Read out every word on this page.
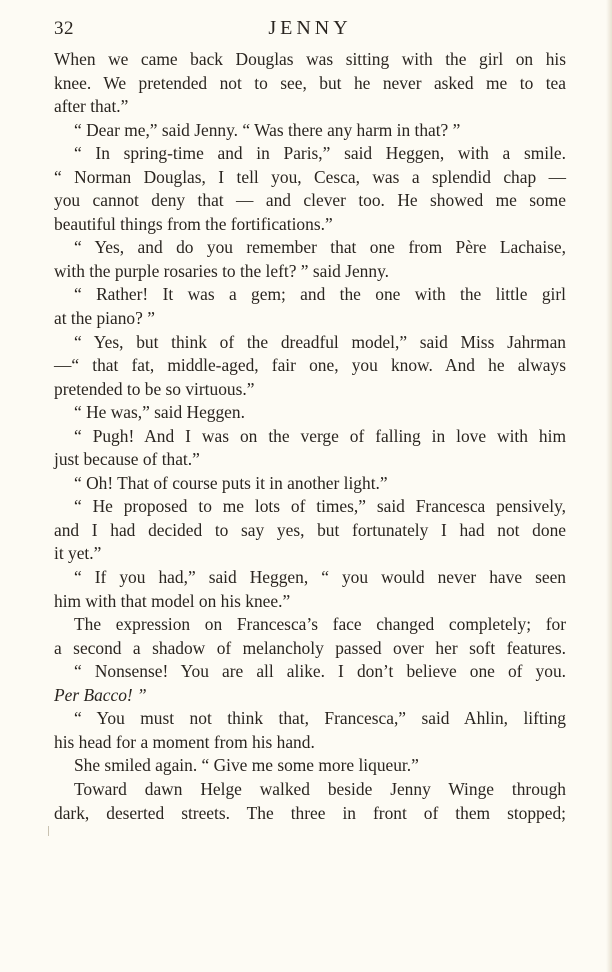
32	JENNY
When we came back Douglas was sitting with the girl on his
knee. We pretended not to see, but he never asked me to tea
after that.”
“ Dear me,” said Jenny. “ Was there any harm in that? ”
“ In spring-time and in Paris,” said Heggen, with a smile.
“ Norman Douglas, I tell you, Cesca, was a splendid chap —
you cannot deny that — and clever too. He showed me some
beautiful things from the fortifications.”
“ Yes, and do you remember that one from Père Lachaise,
with the purple rosaries to the left? ” said Jenny.
“ Rather! It was a gem; and the one with the little girl
at the piano? ”
“ Yes, but think of the dreadful model,” said Miss Jahrman
—“ that fat, middle-aged, fair one, you know. And he always
pretended to be so virtuous.”
“ He was,” said Heggen.
“ Pugh! And I was on the verge of falling in love with him
just because of that.”
“ Oh! That of course puts it in another light.”
“ He proposed to me lots of times,” said Francesca pensively,
and I had decided to say yes, but fortunately I had not done
it yet.”
“ If you had,” said Heggen, “ you would never have seen
him with that model on his knee.”
The expression on Francesca’s face changed completely; for
a second a shadow of melancholy passed over her soft features.
“ Nonsense! You are all alike. I don’t believe one of you.
Per Bacco! ”
“ You must not think that, Francesca,” said Ahlin, lifting
his head for a moment from his hand.
She smiled again. “ Give me some more liqueur.”
Toward dawn Helge walked beside Jenny Winge through
dark, deserted streets. The three in front of them stopped;
